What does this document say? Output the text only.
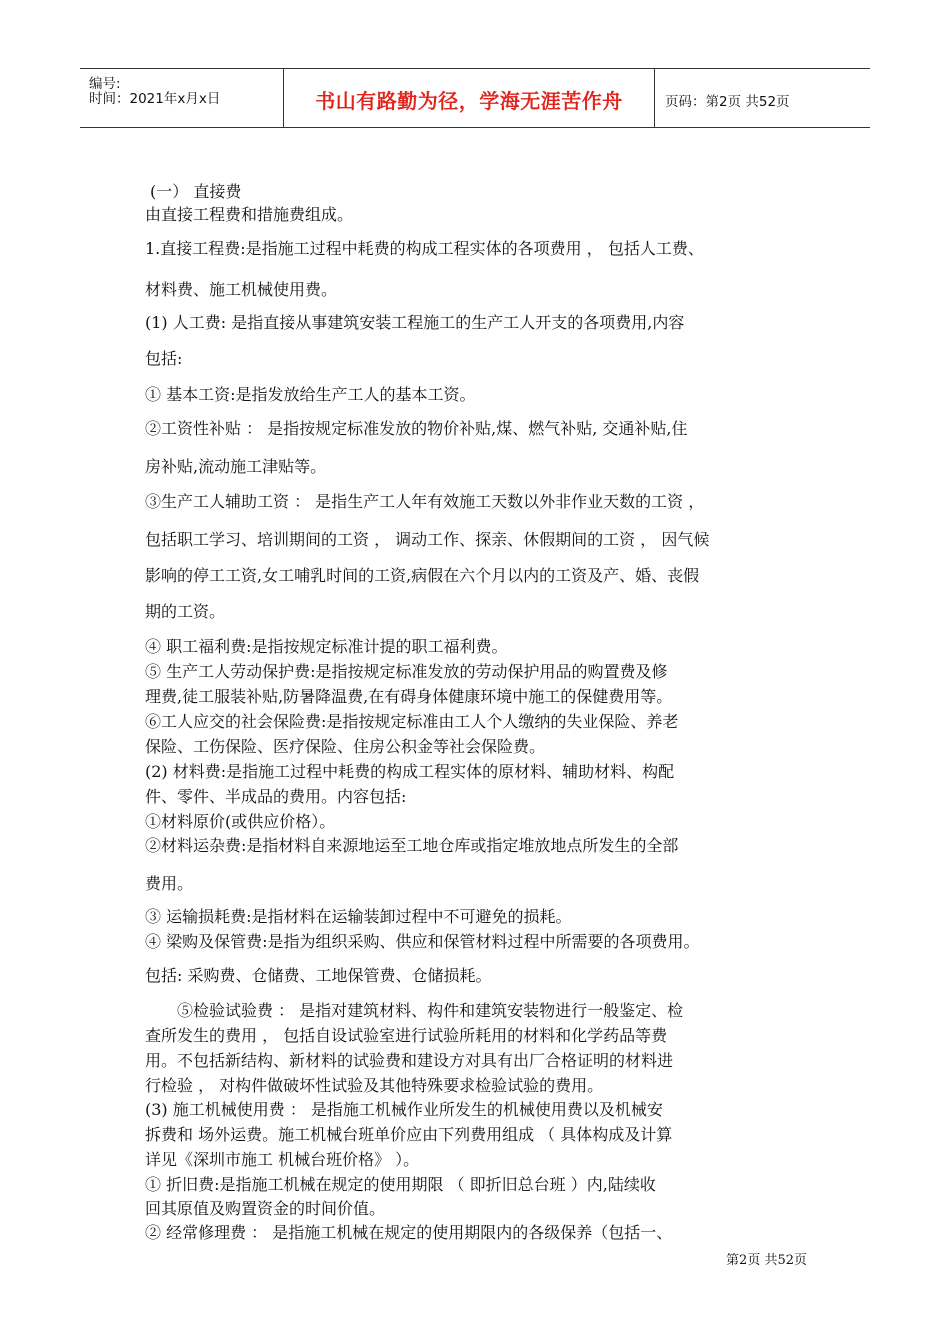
编号:
时间：2021年x月x日	书山有路勤为径，学海无涯苦作舟	页码：第2页 共52页
(一） 直接费
由直接工程费和措施费组成。
1.直接工程费:是指施工过程中耗费的构成工程实体的各项费用 ， 包括人工费、
材料费、施工机械使用费。
(1) 人工费: 是指直接从事建筑安装工程施工的生产工人开支的各项费用,内容
包括:
① 基本工资:是指发放给生产工人的基本工资。
②工资性补贴 ： 是指按规定标准发放的物价补贴,煤、燃气补贴, 交通补贴,住
房补贴,流动施工津贴等。
③生产工人辅助工资 ： 是指生产工人年有效施工天数以外非作业天数的工资 ，
包括职工学习、培训期间的工资 ， 调动工作、探亲、休假期间的工资 ， 因气候
影响的停工工资,女工哺乳时间的工资,病假在六个月以内的工资及产、婚、丧假
期的工资。
④ 职工福利费:是指按规定标准计提的职工福利费。
⑤ 生产工人劳动保护费:是指按规定标准发放的劳动保护用品的购置费及修
理费,徒工服装补贴,防暑降温费,在有碍身体健康环境中施工的保健费用等。
⑥工人应交的社会保险费:是指按规定标准由工人个人缴纳的失业保险、养老
保险、工伤保险、医疗保险、住房公积金等社会保险费。
(2) 材料费:是指施工过程中耗费的构成工程实体的原材料、辅助材料、构配
件、零件、半成品的费用。内容包括:
①材料原价(或供应价格）。
②材料运杂费:是指材料自来源地运至工地仓库或指定堆放地点所发生的全部
费用。
③ 运输损耗费:是指材料在运输装卸过程中不可避免的损耗。
④ 梁购及保管费:是指为组织采购、供应和保管材料过程中所需要的各项费用。
包括: 采购费、仓储费、工地保管费、仓储损耗。
⑤检验试验费 ： 是指对建筑材料、构件和建筑安装物进行一般鉴定、检
查所发生的费用 ， 包括自设试验室进行试验所耗用的材料和化学药品等费
用。不包括新结构、新材料的试验费和建设方对具有出厂合格证明的材料进
行检验 ， 对构件做破坏性试验及其他特殊要求检验试验的费用。
(3) 施工机械使用费 ： 是指施工机械作业所发生的机械使用费以及机械安
拆费和 场外运费。施工机械台班单价应由下列费用组成 （ 具体构成及计算
详见《深圳市施工 机械台班价格》 ）。
① 折旧费:是指施工机械在规定的使用期限 （ 即折旧总台班 ）内,陆续收
回其原值及购置资金的时间价值。
② 经常修理费 ： 是指施工机械在规定的使用期限内的各级保养（包括一、
第2页 共52页
